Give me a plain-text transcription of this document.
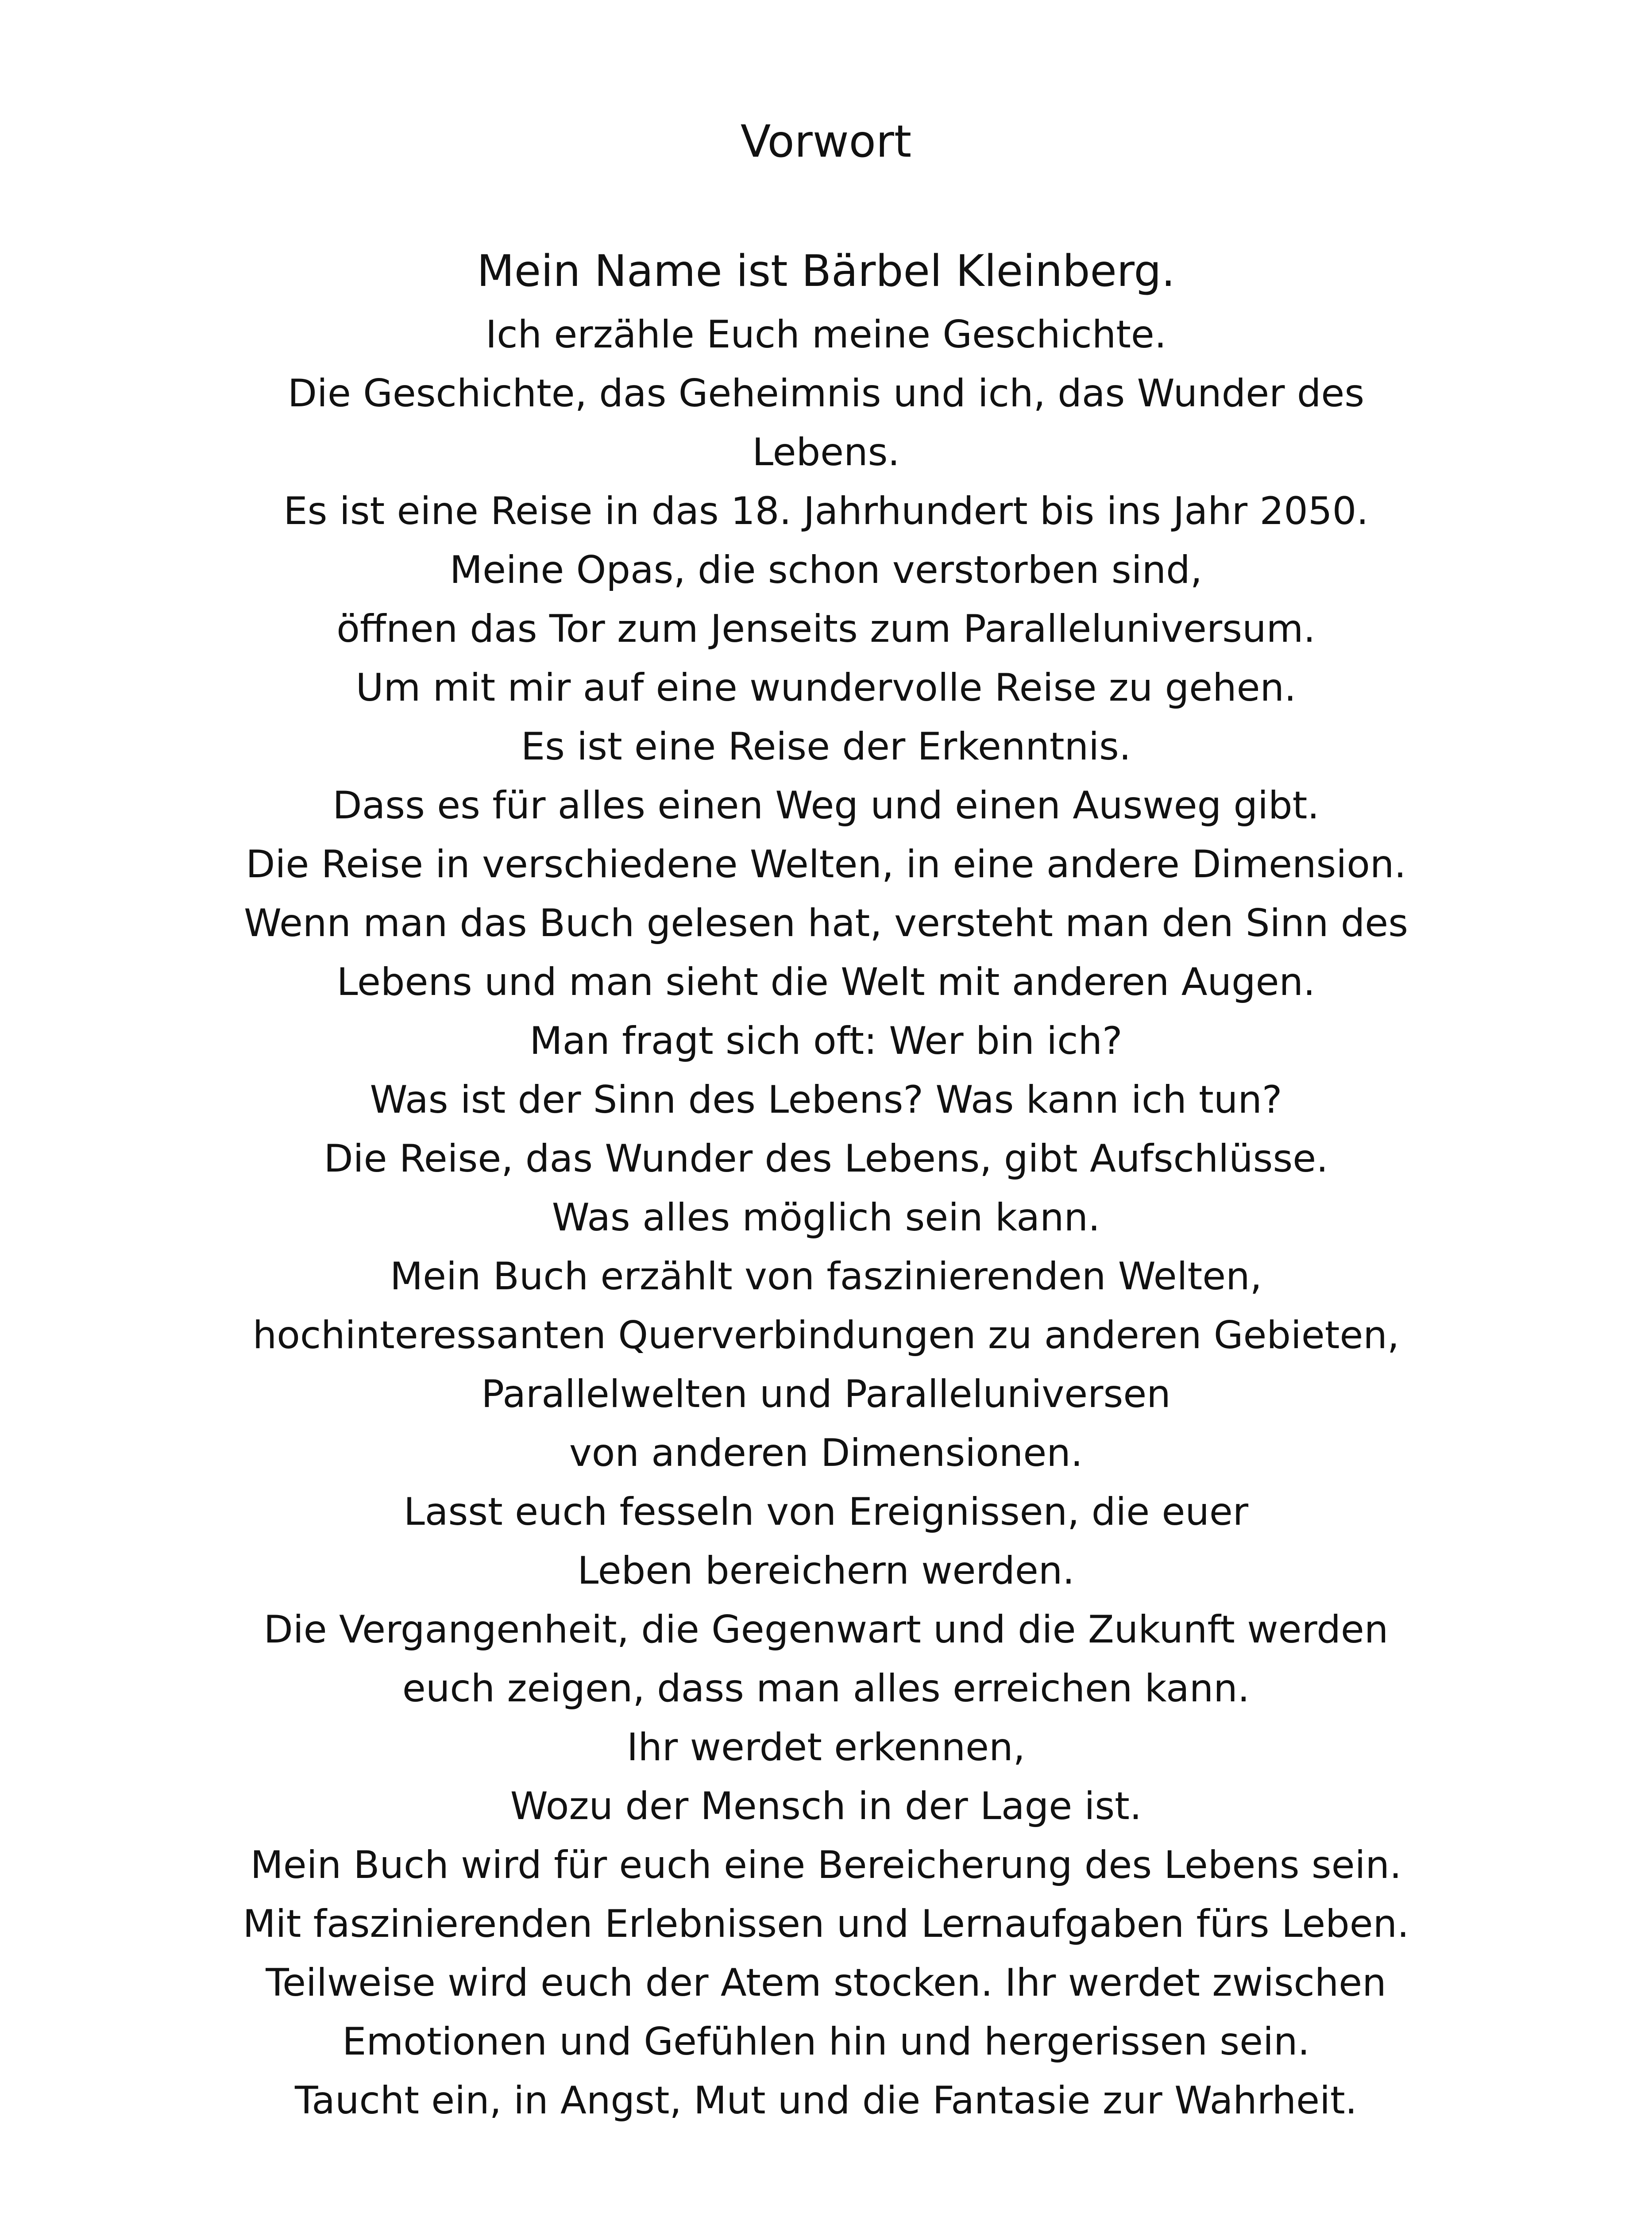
Vorwort

Mein Name ist Bärbel Kleinberg.

Ich erzähle Euch meine Geschichte.
Die Geschichte, das Geheimnis und ich, das Wunder des
Lebens.
Es ist eine Reise in das 18. Jahrhundert bis ins Jahr 2050.
Meine Opas, die schon verstorben sind,
öffnen das Tor zum Jenseits zum Paralleluniversum.
Um mit mir auf eine wundervolle Reise zu gehen.
Es ist eine Reise der Erkenntnis.
Dass es für alles einen Weg und einen Ausweg gibt.
Die Reise in verschiedene Welten, in eine andere Dimension.
Wenn man das Buch gelesen hat, versteht man den Sinn des
Lebens und man sieht die Welt mit anderen Augen.
Man fragt sich oft: Wer bin ich?
Was ist der Sinn des Lebens? Was kann ich tun?
Die Reise, das Wunder des Lebens, gibt Aufschlüsse.
Was alles möglich sein kann.
Mein Buch erzählt von faszinierenden Welten,
hochinteressanten Querverbindungen zu anderen Gebieten,
Parallelwelten und Paralleluniversen
von anderen Dimensionen.
Lasst euch fesseln von Ereignissen, die euer
Leben bereichern werden.
Die Vergangenheit, die Gegenwart und die Zukunft werden
euch zeigen, dass man alles erreichen kann.
Ihr werdet erkennen,
Wozu der Mensch in der Lage ist.
Mein Buch wird für euch eine Bereicherung des Lebens sein.
Mit faszinierenden Erlebnissen und Lernaufgaben fürs Leben.
Teilweise wird euch der Atem stocken. Ihr werdet zwischen
Emotionen und Gefühlen hin und hergerissen sein.
Taucht ein, in Angst, Mut und die Fantasie zur Wahrheit.
